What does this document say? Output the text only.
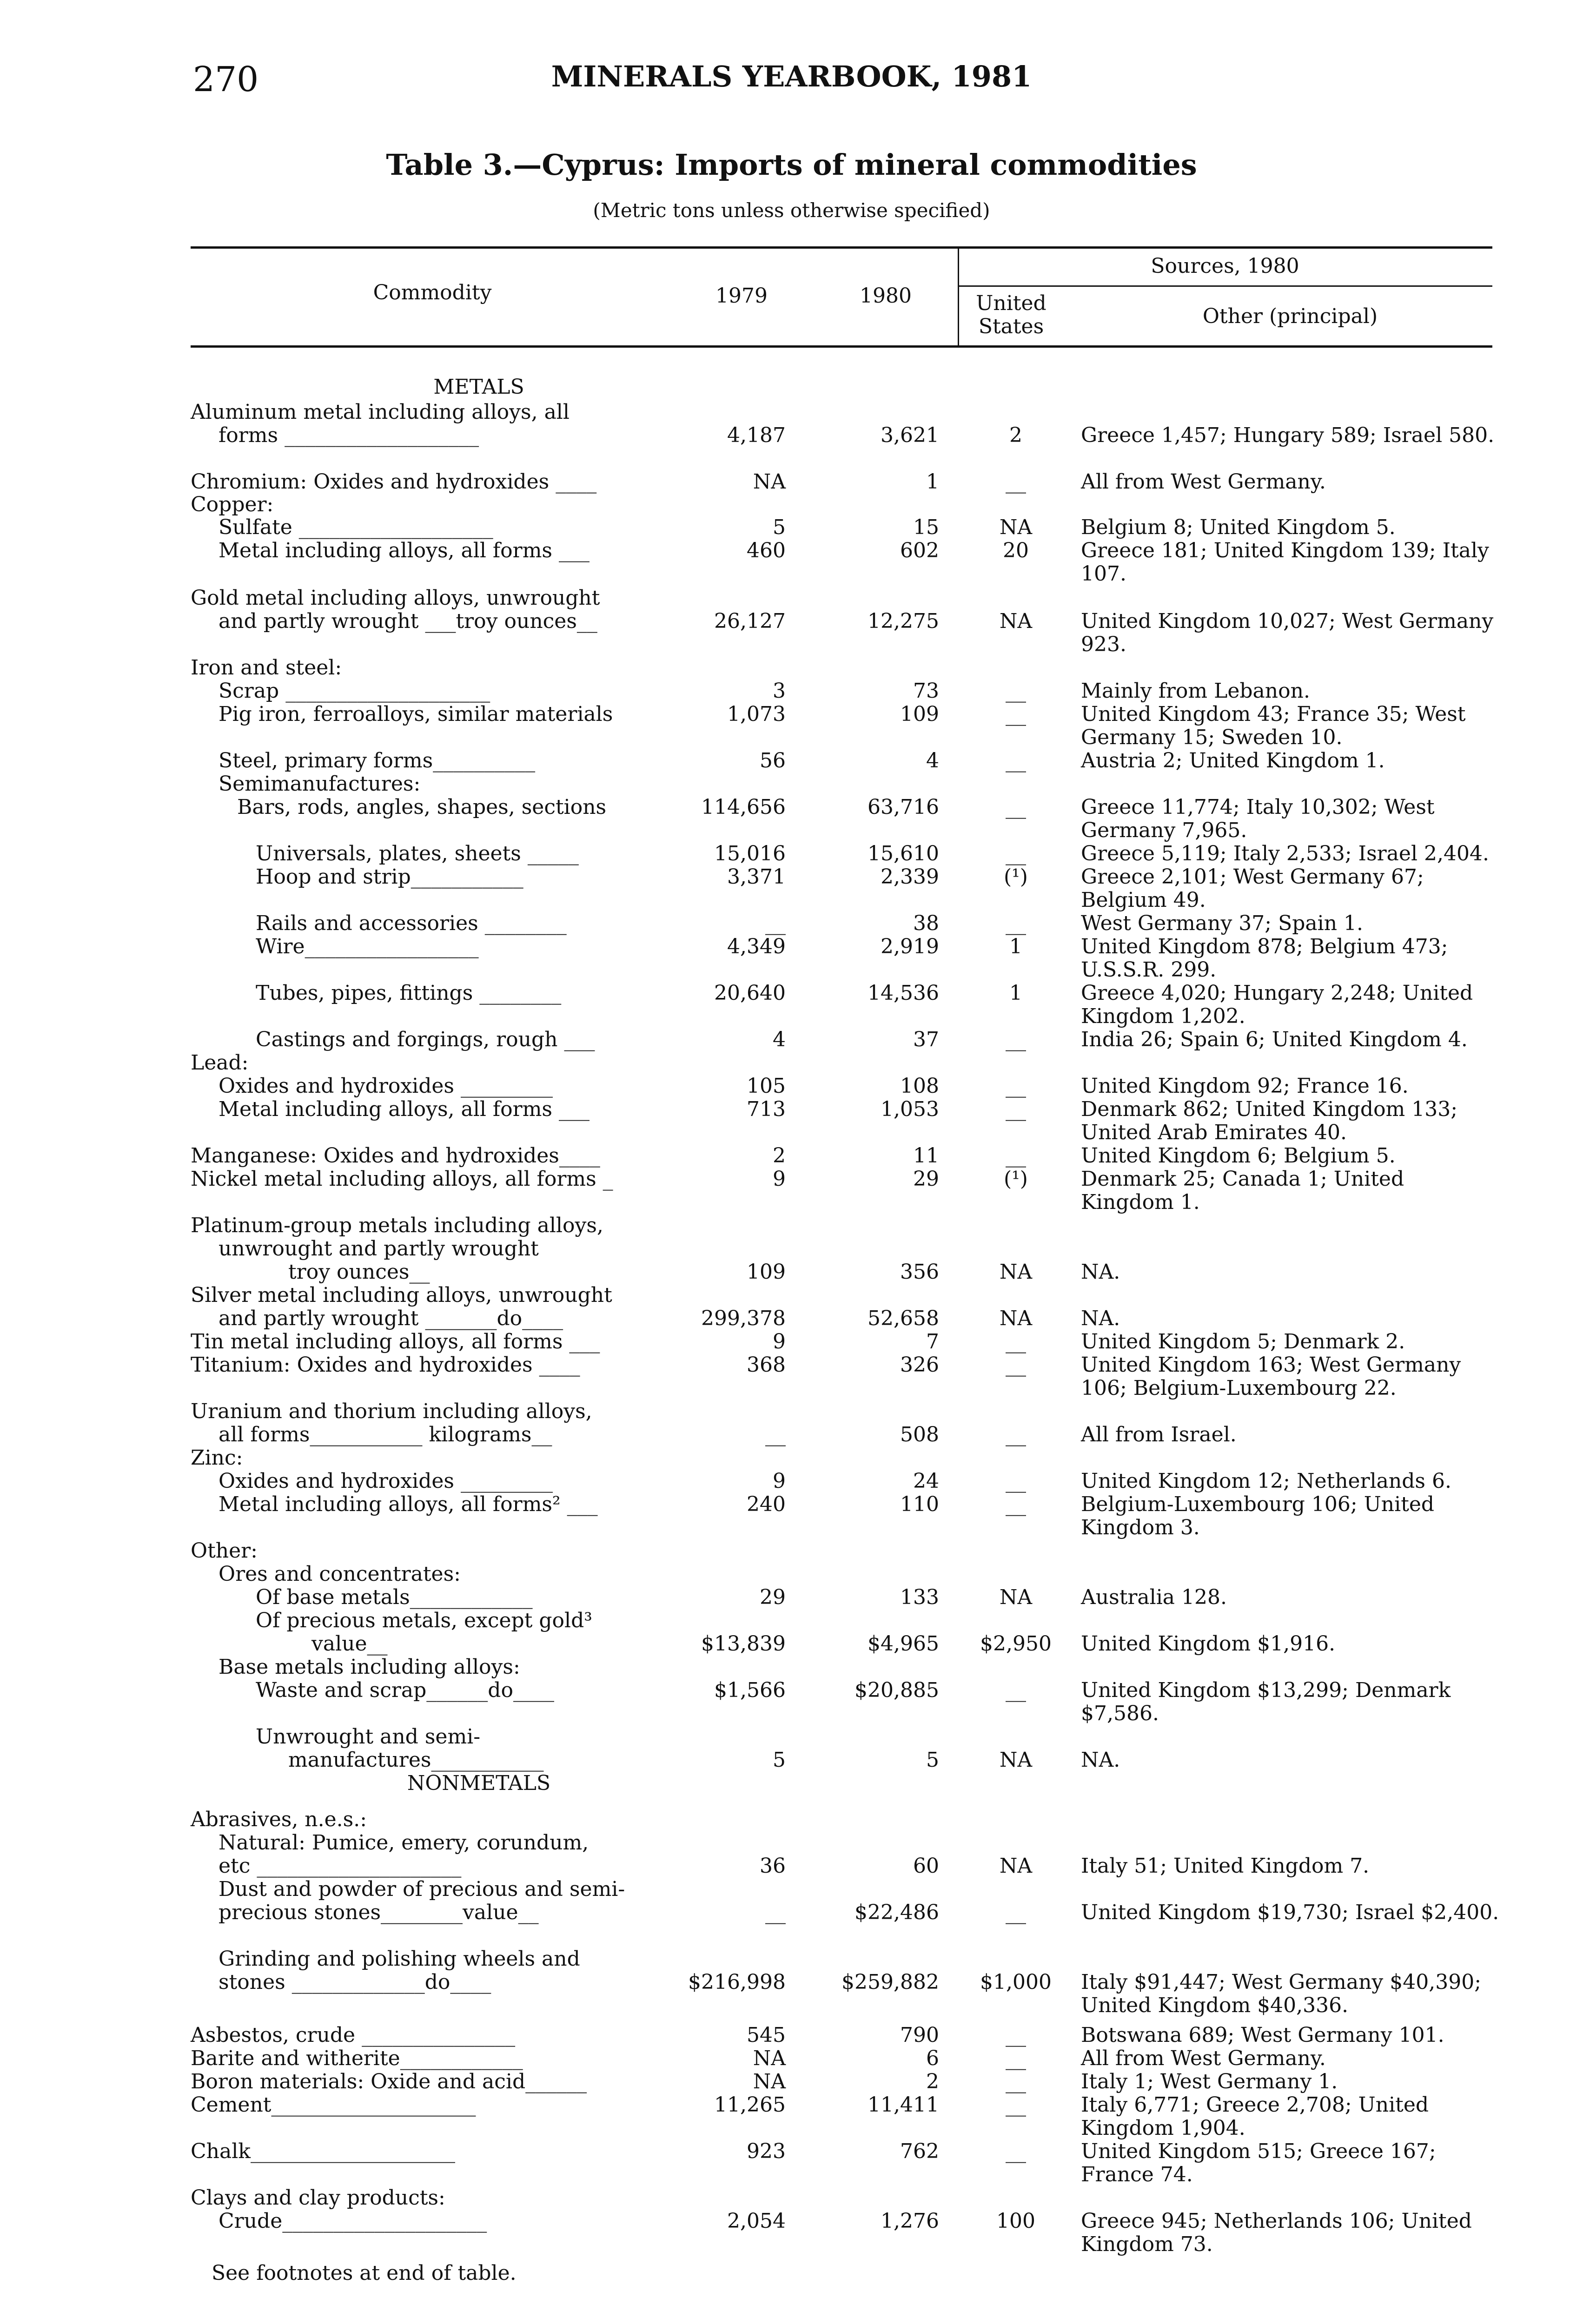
270	MINERALS YEARBOOK, 1981
Table 3.—Cyprus: Imports of mineral commodities
(Metric tons unless otherwise specified)
Commodity	1979	1980
Sources, 1980
United States	Other (principal)
METALS
Aluminum metal including alloys, all
forms ___________________	4,187	3,621	2	Greece 1,457; Hungary 589; Israel 580.
Chromium: Oxides and hydroxides ____	NA	1	__	All from West Germany.
Copper:
Sulfate ___________________	5	15	NA	Belgium 8; United Kingdom 5.
Metal including alloys, all forms ___	460	602	20	Greece 181; United Kingdom 139; Italy 107.
Gold metal including alloys, unwrought
and partly wrought ___troy ounces__	26,127	12,275	NA	United Kingdom 10,027; West Germany 923.
Iron and steel:
Scrap ____________________	3	73	__	Mainly from Lebanon.
Pig iron, ferroalloys, similar materials	1,073	109	__	United Kingdom 43; France 35; West Germany 15; Sweden 10.
Steel, primary forms__________	56	4	__	Austria 2; United Kingdom 1.
Semimanufactures:
Bars, rods, angles, shapes, sections	114,656	63,716	__	Greece 11,774; Italy 10,302; West Germany 7,965.
Universals, plates, sheets _____	15,016	15,610	__	Greece 5,119; Italy 2,533; Israel 2,404.
Hoop and strip___________	3,371	2,339	(¹)	Greece 2,101; West Germany 67; Belgium 49.
Rails and accessories ________	__	38	__	West Germany 37; Spain 1.
Wire_________________	4,349	2,919	1	United Kingdom 878; Belgium 473; U.S.S.R. 299.
Tubes, pipes, fittings ________	20,640	14,536	1	Greece 4,020; Hungary 2,248; United Kingdom 1,202.
Castings and forgings, rough ___	4	37	__	India 26; Spain 6; United Kingdom 4.
Lead:
Oxides and hydroxides _________	105	108	__	United Kingdom 92; France 16.
Metal including alloys, all forms ___	713	1,053	__	Denmark 862; United Kingdom 133; United Arab Emirates 40.
Manganese: Oxides and hydroxides____	2	11	__	United Kingdom 6; Belgium 5.
Nickel metal including alloys, all forms _	9	29	(¹)	Denmark 25; Canada 1; United Kingdom 1.
Platinum-group metals including alloys,
unwrought and partly wrought
troy ounces__	109	356	NA	NA.
Silver metal including alloys, unwrought
and partly wrought _______do____	299,378	52,658	NA	NA.
Tin metal including alloys, all forms ___	9	7	__	United Kingdom 5; Denmark 2.
Titanium: Oxides and hydroxides ____	368	326	__	United Kingdom 163; West Germany 106; Belgium-Luxembourg 22.
Uranium and thorium including alloys,
all forms___________ kilograms__	__	508	__	All from Israel.
Zinc:
Oxides and hydroxides _________	9	24	__	United Kingdom 12; Netherlands 6.
Metal including alloys, all forms² ___	240	110	__	Belgium-Luxembourg 106; United Kingdom 3.
Other:
Ores and concentrates:
Of base metals____________	29	133	NA	Australia 128.
Of precious metals, except gold³
value__	$13,839	$4,965	$2,950	United Kingdom $1,916.
Base metals including alloys:
Waste and scrap______do____	$1,566	$20,885	__	United Kingdom $13,299; Denmark $7,586.
Unwrought and semi-
manufactures___________	5	5	NA	NA.
NONMETALS
Abrasives, n.e.s.:
Natural: Pumice, emery, corundum,
etc ____________________	36	60	NA	Italy 51; United Kingdom 7.
Dust and powder of precious and semi-
precious stones________value__	__	$22,486	__	United Kingdom $19,730; Israel $2,400.
Grinding and polishing wheels and
stones _____________do____	$216,998	$259,882	$1,000	Italy $91,447; West Germany $40,390; United Kingdom $40,336.
Asbestos, crude _______________	545	790	__	Botswana 689; West Germany 101.
Barite and witherite____________	NA	6	__	All from West Germany.
Boron materials: Oxide and acid______	NA	2	__	Italy 1; West Germany 1.
Cement____________________	11,265	11,411	__	Italy 6,771; Greece 2,708; United Kingdom 1,904.
Chalk____________________	923	762	__	United Kingdom 515; Greece 167; France 74.
Clays and clay products:
Crude____________________	2,054	1,276	100	Greece 945; Netherlands 106; United Kingdom 73.
See footnotes at end of table.
